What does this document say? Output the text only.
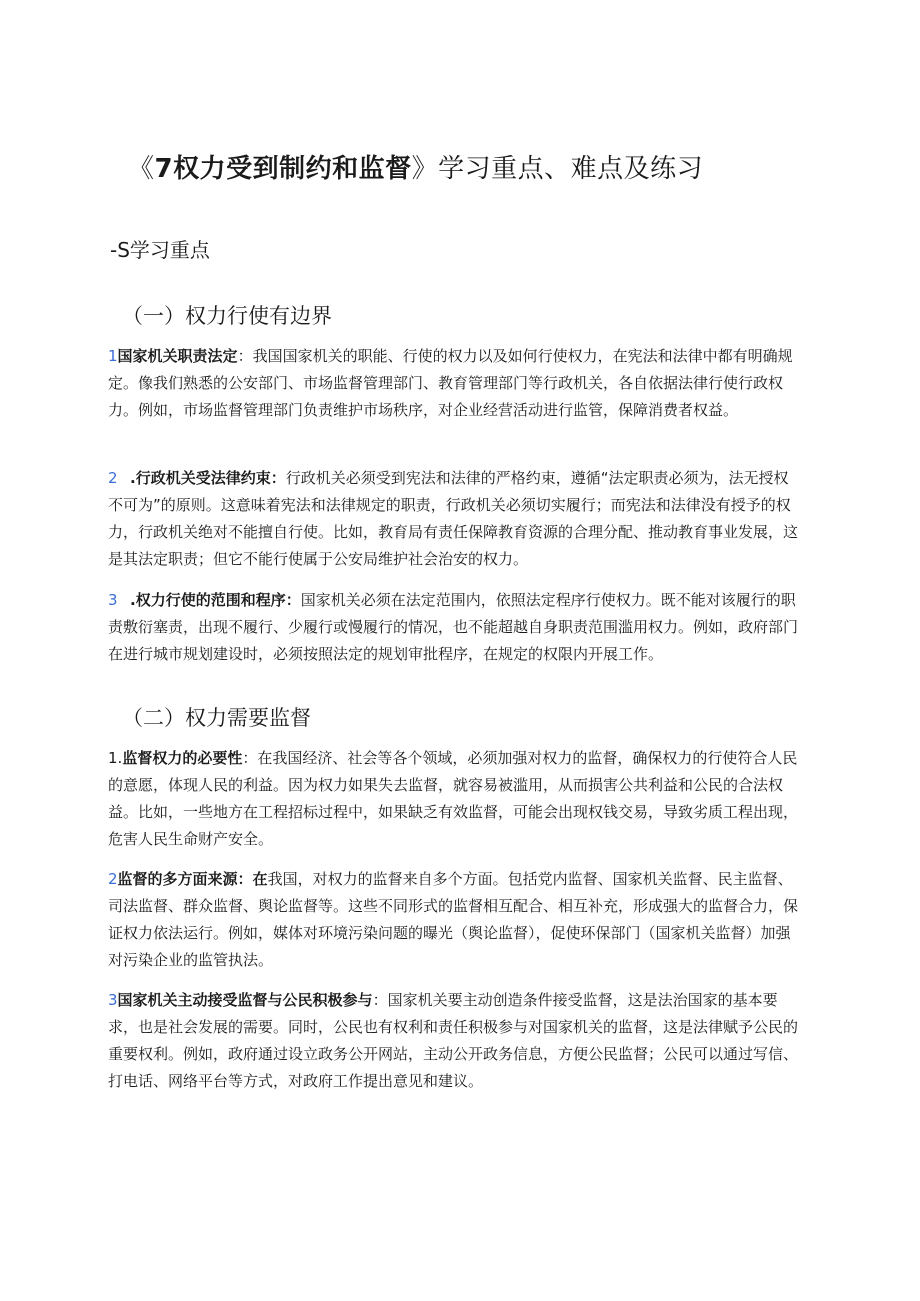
《7权力受到制约和监督》学习重点、难点及练习
-S学习重点
（一）权力行使有边界

1国家机关职责法定：我国国家机关的职能、行使的权力以及如何行使权力，在宪法和法律中都有明确规定。像我们熟悉的公安部门、市场监督管理部门、教育管理部门等行政机关，各自依据法律行使行政权力。例如，市场监督管理部门负责维护市场秩序，对企业经营活动进行监管，保障消费者权益。

2 .行政机关受法律约束：行政机关必须受到宪法和法律的严格约束，遵循“法定职责必须为，法无授权不可为”的原则。这意味着宪法和法律规定的职责，行政机关必须切实履行；而宪法和法律没有授予的权力，行政机关绝对不能擅自行使。比如，教育局有责任保障教育资源的合理分配、推动教育事业发展，这是其法定职责；但它不能行使属于公安局维护社会治安的权力。

3 .权力行使的范围和程序：国家机关必须在法定范围内，依照法定程序行使权力。既不能对该履行的职责敷衍塞责，出现不履行、少履行或慢履行的情况，也不能超越自身职责范围滥用权力。例如，政府部门在进行城市规划建设时，必须按照法定的规划审批程序，在规定的权限内开展工作。

（二）权力需要监督

1.监督权力的必要性：在我国经济、社会等各个领域，必须加强对权力的监督，确保权力的行使符合人民的意愿，体现人民的利益。因为权力如果失去监督，就容易被滥用，从而损害公共利益和公民的合法权益。比如，一些地方在工程招标过程中，如果缺乏有效监督，可能会出现权钱交易，导致劣质工程出现，危害人民生命财产安全。

2监督的多方面来源：在我国，对权力的监督来自多个方面。包括党内监督、国家机关监督、民主监督、司法监督、群众监督、舆论监督等。这些不同形式的监督相互配合、相互补充，形成强大的监督合力，保证权力依法运行。例如，媒体对环境污染问题的曝光（舆论监督），促使环保部门（国家机关监督）加强对污染企业的监管执法。

3国家机关主动接受监督与公民积极参与：国家机关要主动创造条件接受监督，这是法治国家的基本要求，也是社会发展的需要。同时，公民也有权利和责任积极参与对国家机关的监督，这是法律赋予公民的重要权利。例如，政府通过设立政务公开网站，主动公开政务信息，方便公民监督；公民可以通过写信、打电话、网络平台等方式，对政府工作提出意见和建议。
